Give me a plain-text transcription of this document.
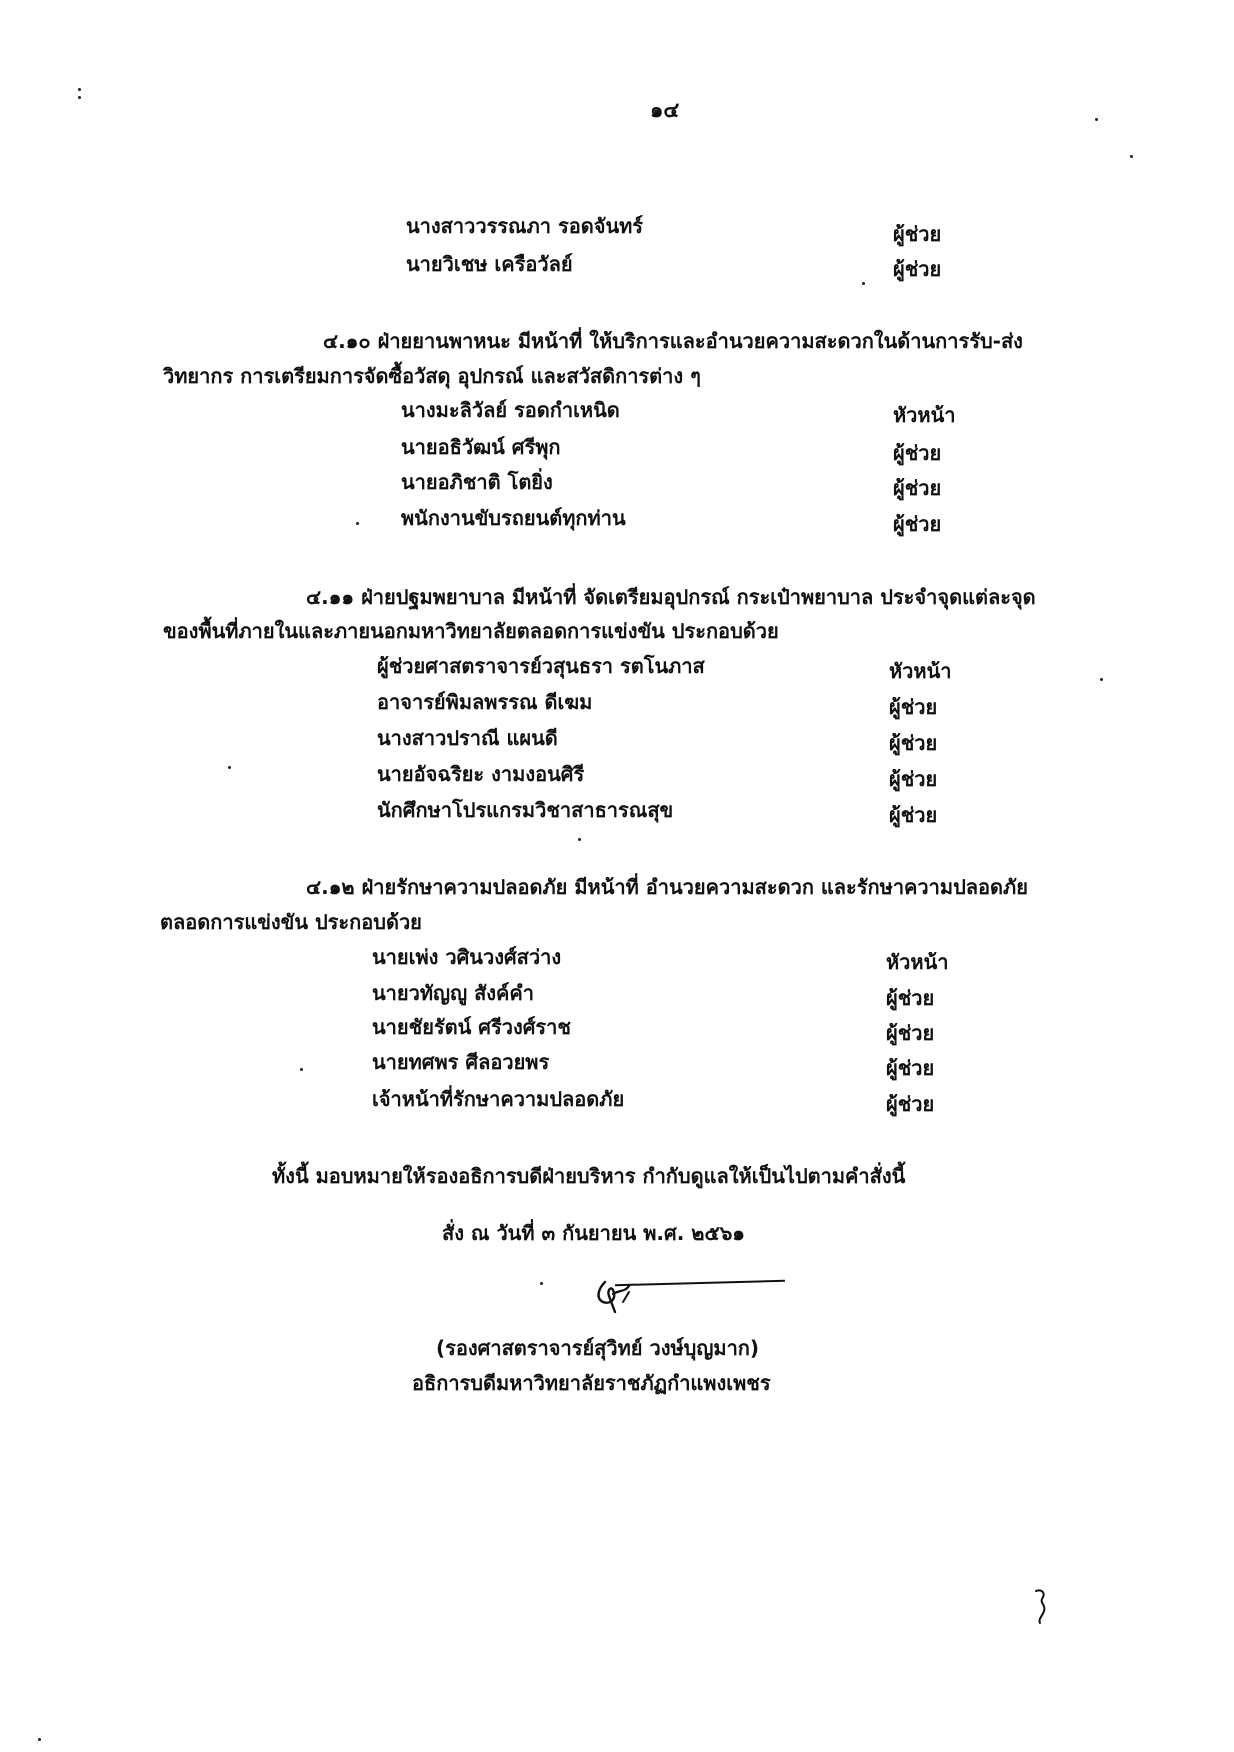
๑๔
นางสาววรรณภา รอดจันทร์	ผู้ช่วย
นายวิเชษ เครือวัลย์	ผู้ช่วย
๔.๑๐ ฝ่ายยานพาหนะ มีหน้าที่ ให้บริการและอำนวยความสะดวกในด้านการรับ-ส่ง
วิทยากร การเตรียมการจัดซื้อวัสดุ อุปกรณ์ และสวัสดิการต่าง ๆ
นางมะลิวัลย์ รอดกำเหนิด	หัวหน้า
นายอธิวัฒน์ ศรีพุก	ผู้ช่วย
นายอภิชาติ โตยิ่ง	ผู้ช่วย
พนักงานขับรถยนต์ทุกท่าน	ผู้ช่วย
๔.๑๑ ฝ่ายปฐมพยาบาล มีหน้าที่ จัดเตรียมอุปกรณ์ กระเป๋าพยาบาล ประจำจุดแต่ละจุด
ของพื้นที่ภายในและภายนอกมหาวิทยาลัยตลอดการแข่งขัน ประกอบด้วย
ผู้ช่วยศาสตราจารย์วสุนธรา รตโนภาส	หัวหน้า
อาจารย์พิมลพรรณ ดีเฆม	ผู้ช่วย
นางสาวปราณี แผนดี	ผู้ช่วย
นายอัจฉริยะ งามงอนศิรี	ผู้ช่วย
นักศึกษาโปรแกรมวิชาสาธารณสุข	ผู้ช่วย
๔.๑๒ ฝ่ายรักษาความปลอดภัย มีหน้าที่ อำนวยความสะดวก และรักษาความปลอดภัย
ตลอดการแข่งขัน ประกอบด้วย
นายเพ่ง วศินวงศ์สว่าง	หัวหน้า
นายวทัญญู สังค์คำ	ผู้ช่วย
นายชัยรัตน์ ศรีวงศ์ราช	ผู้ช่วย
นายทศพร ศีลอวยพร	ผู้ช่วย
เจ้าหน้าที่รักษาความปลอดภัย	ผู้ช่วย
ทั้งนี้ มอบหมายให้รองอธิการบดีฝ่ายบริหาร กำกับดูแลให้เป็นไปตามคำสั่งนี้
สั่ง ณ วันที่ ๓ กันยายน พ.ศ. ๒๕๖๑
(รองศาสตราจารย์สุวิทย์ วงษ์บุญมาก)
อธิการบดีมหาวิทยาลัยราชภัฏกำแพงเพชร
